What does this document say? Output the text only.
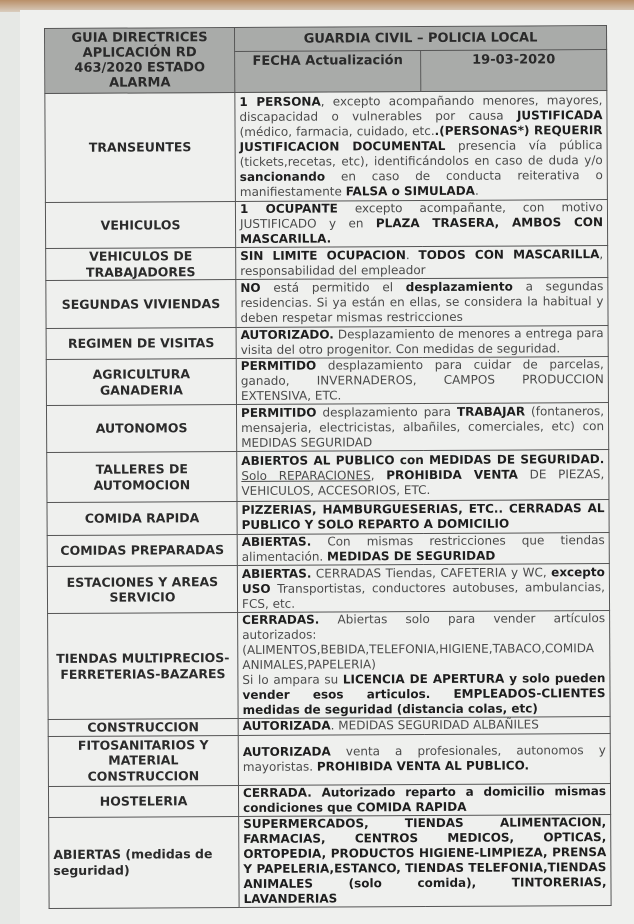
GUIA DIRECTRICES APLICACIÓN RD 463/2020 ESTADO ALARMA	GUARDIA CIVIL – POLICIA LOCAL	
	FECHA Actualización	19-03-2020
TRANSEUNTES	1 PERSONA, excepto acompañando menores, mayores, discapacidad o vulnerables por causa JUSTIFICADA (médico, farmacia, cuidado, etc..(PERSONAS*) REQUERIR JUSTIFICACION DOCUMENTAL presencia vía pública (tickets,recetas, etc), identificándolos en caso de duda y/o sancionando en caso de conducta reiterativa o manifiestamente FALSA o SIMULADA.	
VEHICULOS	1 OCUPANTE excepto acompañante, con motivo JUSTIFICADO y en PLAZA TRASERA, AMBOS CON MASCARILLA.	
VEHICULOS DE TRABAJADORES	SIN LIMITE OCUPACION. TODOS CON MASCARILLA, responsabilidad del empleador	
SEGUNDAS VIVIENDAS	NO está permitido el desplazamiento a segundas residencias. Si ya están en ellas, se considera la habitual y deben respetar mismas restricciones	
REGIMEN DE VISITAS	AUTORIZADO. Desplazamiento de menores a entrega para visita del otro progenitor. Con medidas de seguridad.	
AGRICULTURA GANADERIA	PERMITIDO desplazamiento para cuidar de parcelas, ganado, INVERNADEROS, CAMPOS PRODUCCION EXTENSIVA, ETC.	
AUTONOMOS	PERMITIDO desplazamiento para TRABAJAR (fontaneros, mensajeria, electricistas, albañiles, comerciales, etc) con MEDIDAS SEGURIDAD	
TALLERES DE AUTOMOCION	ABIERTOS AL PUBLICO con MEDIDAS DE SEGURIDAD. Solo REPARACIONES, PROHIBIDA VENTA DE PIEZAS, VEHICULOS, ACCESORIOS, ETC.	
COMIDA RAPIDA	PIZZERIAS, HAMBURGUESERIAS, ETC.. CERRADAS AL PUBLICO Y SOLO REPARTO A DOMICILIO	
COMIDAS PREPARADAS	ABIERTAS. Con mismas restricciones que tiendas alimentación. MEDIDAS DE SEGURIDAD	
ESTACIONES Y AREAS SERVICIO	ABIERTAS. CERRADAS Tiendas, CAFETERIA y WC, excepto USO Transportistas, conductores autobuses, ambulancias, FCS, etc.	
TIENDAS MULTIPRECIOS-FERRETERIAS-BAZARES	CERRADAS. Abiertas solo para vender artículos autorizados: (ALIMENTOS,BEBIDA,TELEFONIA,HIGIENE,TABACO,COMIDA ANIMALES,PAPELERIA)
Si lo ampara su LICENCIA DE APERTURA y solo pueden vender esos articulos. EMPLEADOS-CLIENTES medidas de seguridad (distancia colas, etc)	
CONSTRUCCION	AUTORIZADA. MEDIDAS SEGURIDAD ALBAÑILES	
FITOSANITARIOS Y MATERIAL CONSTRUCCION	AUTORIZADA venta a profesionales, autonomos y mayoristas. PROHIBIDA VENTA AL PUBLICO.	
HOSTELERIA	CERRADA. Autorizado reparto a domicilio mismas condiciones que COMIDA RAPIDA	
ABIERTAS (medidas de seguridad)	SUPERMERCADOS, TIENDAS ALIMENTACION, FARMACIAS, CENTROS MEDICOS, OPTICAS, ORTOPEDIA, PRODUCTOS HIGIENE-LIMPIEZA, PRENSA Y PAPELERIA,ESTANCO, TIENDAS TELEFONIA,TIENDAS ANIMALES (solo comida), TINTORERIAS, LAVANDERIAS	
